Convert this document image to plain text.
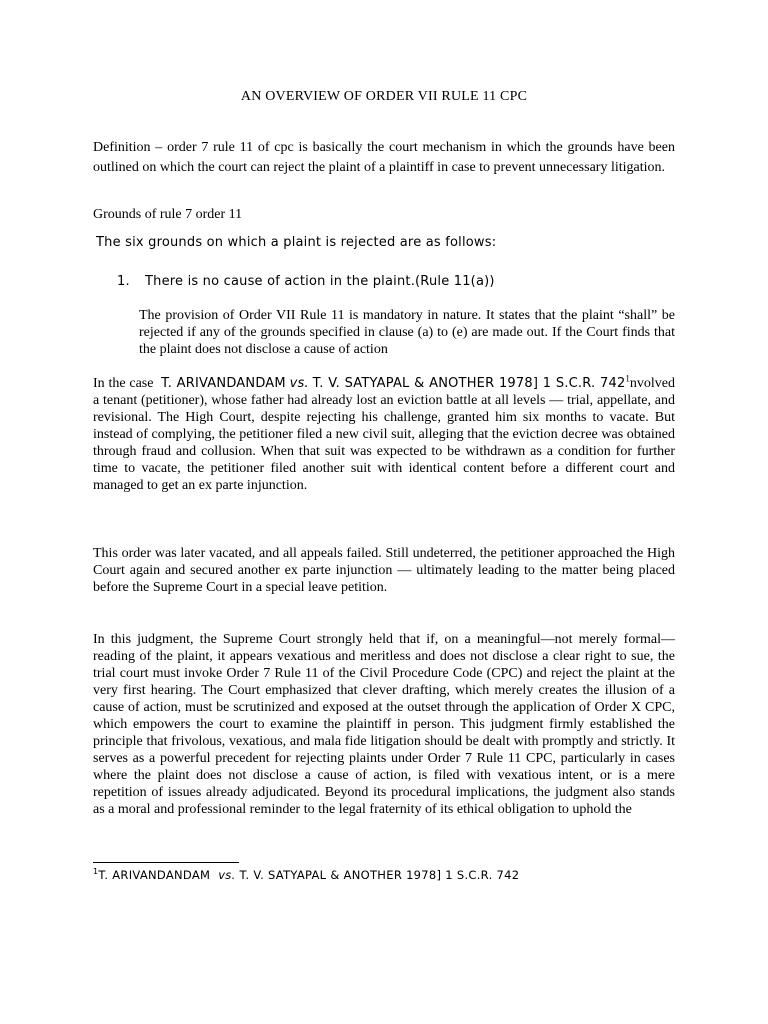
AN OVERVIEW OF ORDER VII RULE 11 CPC
Definition – order 7 rule 11 of cpc is basically the court mechanism in which the grounds have been outlined on which the court can reject the plaint of a plaintiff in case to prevent unnecessary litigation.
Grounds of rule 7 order 11
The six grounds on which a plaint is rejected are as follows:
1. There is no cause of action in the plaint.(Rule 11(a))
The provision of Order VII Rule 11 is mandatory in nature. It states that the plaint “shall” be rejected if any of the grounds specified in clause (a) to (e) are made out. If the Court finds that the plaint does not disclose a cause of action
In the case T. ARIVANDANDAM vs. T. V. SATYAPAL & ANOTHER 1978] 1 S.C.R. $742^1nvolved$ a tenant (petitioner), whose father had already lost an eviction battle at all levels — trial, appellate, and revisional. The High Court, despite rejecting his challenge, granted him six months to vacate. But instead of complying, the petitioner filed a new civil suit, alleging that the eviction decree was obtained through fraud and collusion. When that suit was expected to be withdrawn as a condition for further time to vacate, the petitioner filed another suit with identical content before a different court and managed to get an ex parte injunction.
This order was later vacated, and all appeals failed. Still undeterred, the petitioner approached the High Court again and secured another ex parte injunction — ultimately leading to the matter being placed before the Supreme Court in a special leave petition.
In this judgment, the Supreme Court strongly held that if, on a meaningful—not merely formal—reading of the plaint, it appears vexatious and meritless and does not disclose a clear right to sue, the trial court must invoke Order 7 Rule 11 of the Civil Procedure Code (CPC) and reject the plaint at the very first hearing. The Court emphasized that clever drafting, which merely creates the illusion of a cause of action, must be scrutinized and exposed at the outset through the application of Order X CPC, which empowers the court to examine the plaintiff in person. This judgment firmly established the principle that frivolous, vexatious, and mala fide litigation should be dealt with promptly and strictly. It serves as a powerful precedent for rejecting plaints under Order 7 Rule 11 CPC, particularly in cases where the plaint does not disclose a cause of action, is filed with vexatious intent, or is a mere repetition of issues already adjudicated. Beyond its procedural implications, the judgment also stands as a moral and professional reminder to the legal fraternity of its ethical obligation to uphold the
$^1$T. ARIVANDANDAM vs. T. V. SATYAPAL & ANOTHER 1978] 1 S.C.R. 742
